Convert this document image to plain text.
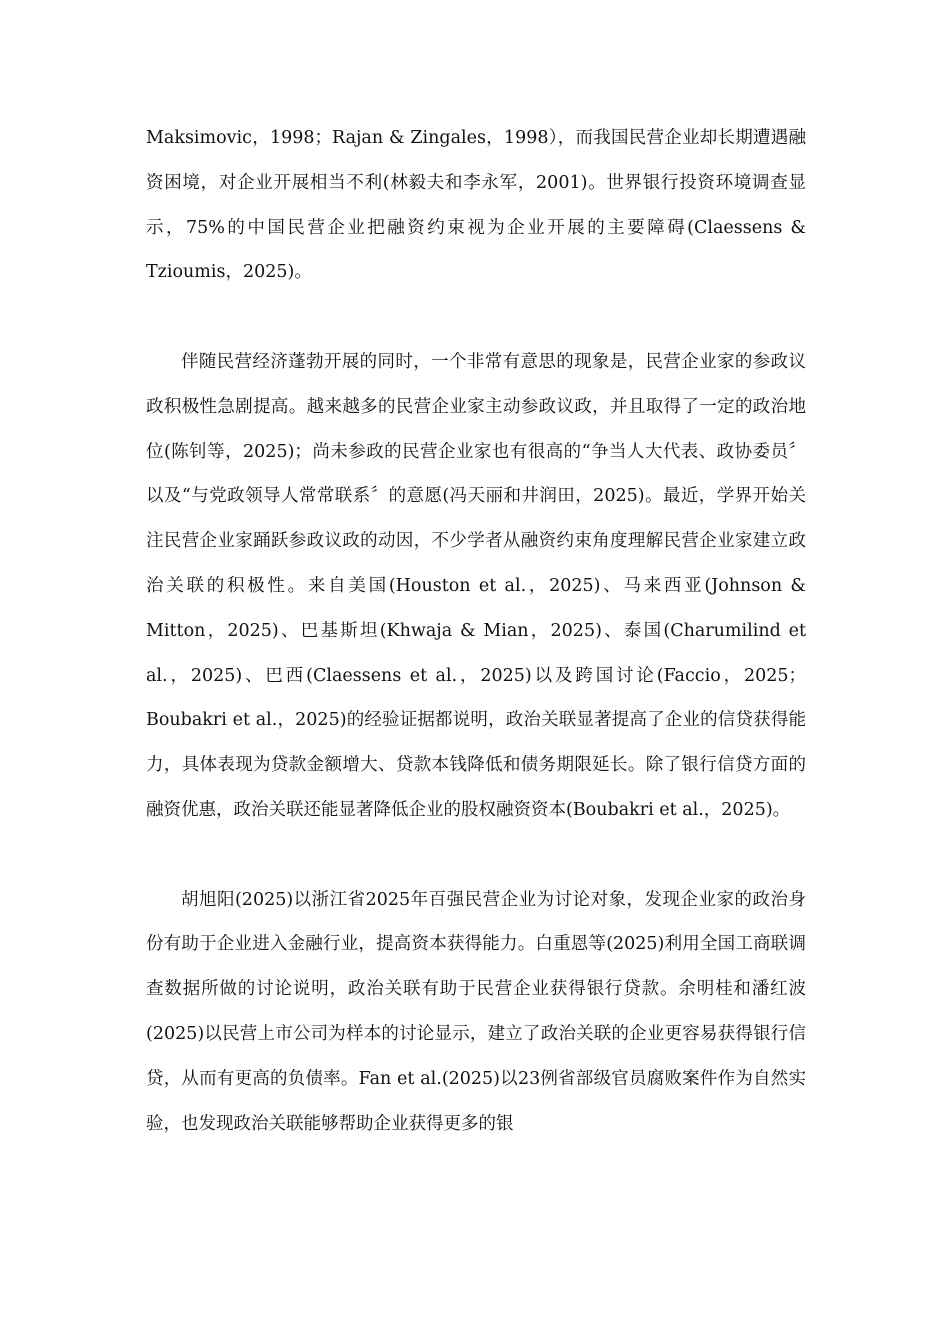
Maksimovic，1998；Rajan & Zingales，1998），而我国民营企业却长期遭遇融资困境，对企业开展相当不利(林毅夫和李永军，2001)。世界银行投资环境调查显示，75%的中国民营企业把融资约束视为企业开展的主要障碍(Claessens & Tzioumis，2025)。

伴随民营经济蓬勃开展的同时，一个非常有意思的现象是，民营企业家的参政议政积极性急剧提高。越来越多的民营企业家主动参政议政，并且取得了一定的政治地位(陈钊等，2025)；尚未参政的民营企业家也有很高的“争当人大代表、政协委员〞以及“与党政领导人常常联系〞的意愿(冯天丽和井润田，2025)。最近，学界开始关注民营企业家踊跃参政议政的动因，不少学者从融资约束角度理解民营企业家建立政治关联的积极性。来自美国(Houston et al.，2025)、马来西亚(Johnson & Mitton，2025)、巴基斯坦(Khwaja & Mian，2025)、泰国(Charumilind et al.，2025)、巴西(Claessens et al.，2025)以及跨国讨论(Faccio，2025；Boubakri et al.，2025)的经验证据都说明，政治关联显著提高了企业的信贷获得能力，具体表现为贷款金额增大、贷款本钱降低和债务期限延长。除了银行信贷方面的融资优惠，政治关联还能显著降低企业的股权融资资本(Boubakri et al.，2025)。

胡旭阳(2025)以浙江省2025年百强民营企业为讨论对象，发现企业家的政治身份有助于企业进入金融行业，提高资本获得能力。白重恩等(2025)利用全国工商联调查数据所做的讨论说明，政治关联有助于民营企业获得银行贷款。余明桂和潘红波(2025)以民营上市公司为样本的讨论显示，建立了政治关联的企业更容易获得银行信贷，从而有更高的负债率。Fan et al.(2025)以23例省部级官员腐败案件作为自然实验，也发现政治关联能够帮助企业获得更多的银
